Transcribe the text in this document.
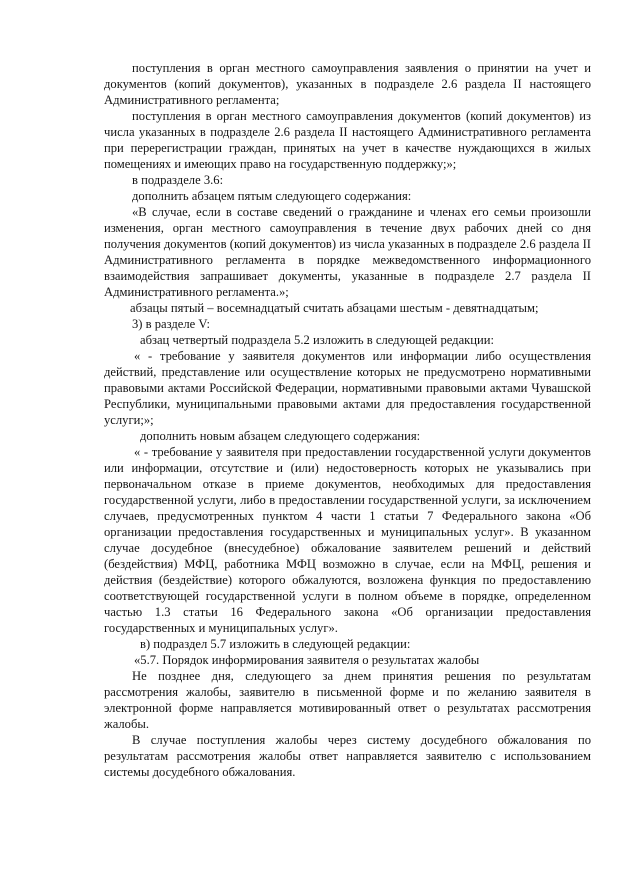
поступления в орган местного самоуправления заявления о принятии на учет и документов (копий документов), указанных в подразделе 2.6 раздела II настоящего Административного регламента;

поступления в орган местного самоуправления документов (копий документов) из числа указанных в подразделе 2.6 раздела II настоящего Административного регламента при перерегистрации граждан, принятых на учет в качестве нуждающихся в жилых помещениях и имеющих право на государственную поддержку;»;

в подразделе 3.6:

дополнить абзацем пятым следующего содержания:

«В случае, если в составе сведений о гражданине и членах его семьи произошли изменения, орган местного самоуправления в течение двух рабочих дней со дня получения документов (копий документов) из числа указанных в подразделе 2.6 раздела II Административного регламента в порядке межведомственного информационного взаимодействия запрашивает документы, указанные в подразделе 2.7 раздела II Административного регламента.»;

абзацы пятый – восемнадцатый считать абзацами шестым - девятнадцатым;

3) в разделе V:

абзац четвертый подраздела 5.2 изложить в следующей редакции:

« - требование у заявителя документов или информации либо осуществления действий, представление или осуществление которых не предусмотрено нормативными правовыми актами Российской Федерации, нормативными правовыми актами Чувашской Республики, муниципальными правовыми актами для предоставления государственной услуги;»;

дополнить новым абзацем следующего содержания:

« - требование у заявителя при предоставлении государственной услуги документов или информации, отсутствие и (или) недостоверность которых не указывались при первоначальном отказе в приеме документов, необходимых для предоставления государственной услуги, либо в предоставлении государственной услуги, за исключением случаев, предусмотренных пунктом 4 части 1 статьи 7 Федерального закона «Об организации предоставления государственных и муниципальных услуг». В указанном случае досудебное (внесудебное) обжалование заявителем решений и действий (бездействия) МФЦ, работника МФЦ возможно в случае, если на МФЦ, решения и действия (бездействие) которого обжалуются, возложена функция по предоставлению соответствующей государственной услуги в полном объеме в порядке, определенном частью 1.3 статьи 16 Федерального закона «Об организации предоставления государственных и муниципальных услуг».

в) подраздел 5.7 изложить в следующей редакции:

«5.7. Порядок информирования заявителя о результатах жалобы

Не позднее дня, следующего за днем принятия решения по результатам рассмотрения жалобы, заявителю в письменной форме и по желанию заявителя в электронной форме направляется мотивированный ответ о результатах рассмотрения жалобы.

В случае поступления жалобы через систему досудебного обжалования по результатам рассмотрения жалобы ответ направляется заявителю с использованием системы досудебного обжалования.
